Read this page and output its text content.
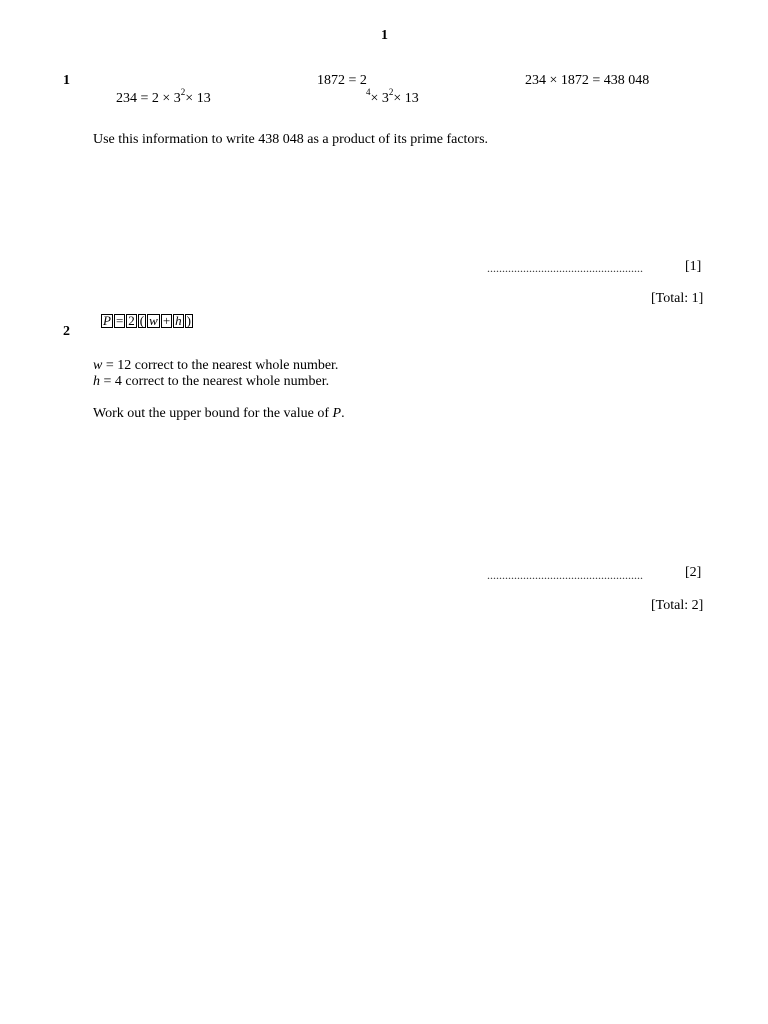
1
1
$234 = 2 \times 3^2\times 13$
1872 = 2
$^4\times 3^2\times 13$
234 × 1872 = 438 048
Use this information to write 438 048 as a product of its prime factors.
....................................................	[1]
[Total: 1]
2
P = 2 ( w + h )
w = 12 correct to the nearest whole number.
h = 4 correct to the nearest whole number.
Work out the upper bound for the value of P.
....................................................	[2]
[Total: 2]
